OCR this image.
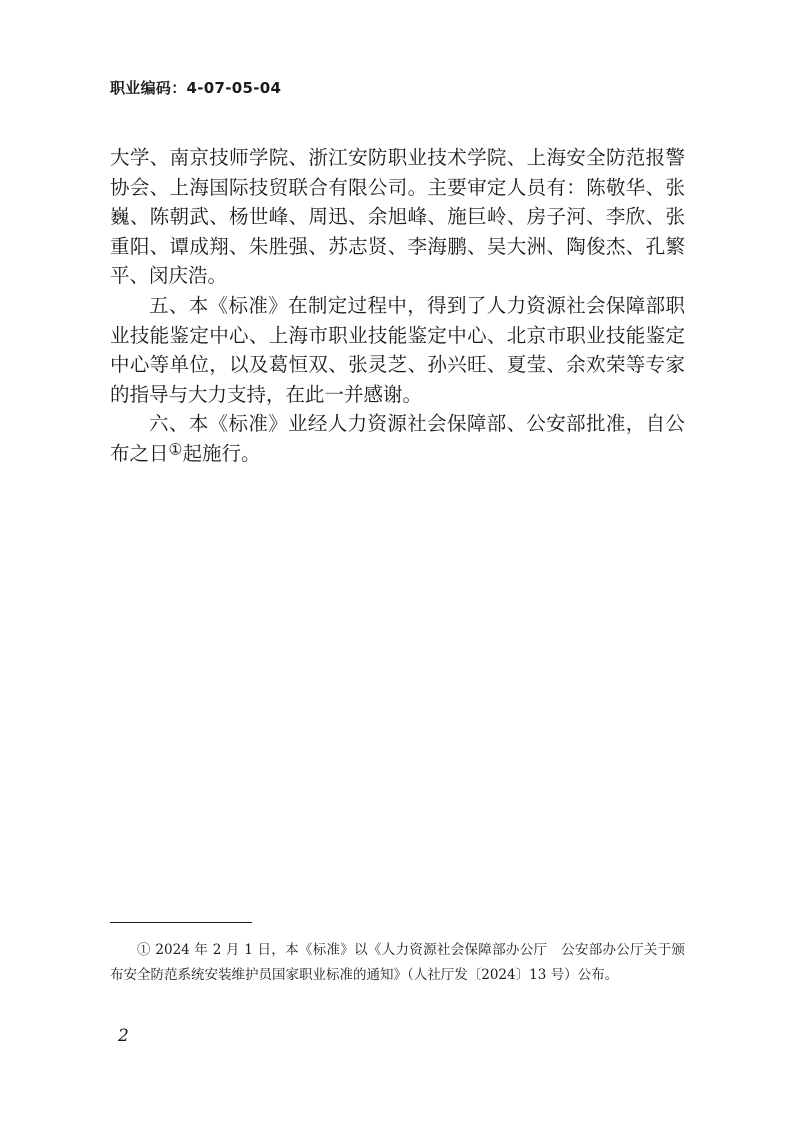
职业编码：4-07-05-04

大学、南京技师学院、浙江安防职业技术学院、上海安全防范报警协会、上海国际技贸联合有限公司。主要审定人员有：陈敬华、张巍、陈朝武、杨世峰、周迅、余旭峰、施巨岭、房子河、李欣、张重阳、谭成翔、朱胜强、苏志贤、李海鹏、吴大洲、陶俊杰、孔繁平、闵庆浩。

五、本《标准》在制定过程中，得到了人力资源社会保障部职业技能鉴定中心、上海市职业技能鉴定中心、北京市职业技能鉴定中心等单位，以及葛恒双、张灵芝、孙兴旺、夏莹、余欢荣等专家的指导与大力支持，在此一并感谢。

六、本《标准》业经人力资源社会保障部、公安部批准，自公布之日①起施行。

① 2024 年 2 月 1 日，本《标准》以《人力资源社会保障部办公厅　公安部办公厅关于颁布安全防范系统安装维护员国家职业标准的通知》（人社厅发〔2024〕13 号）公布。

2
